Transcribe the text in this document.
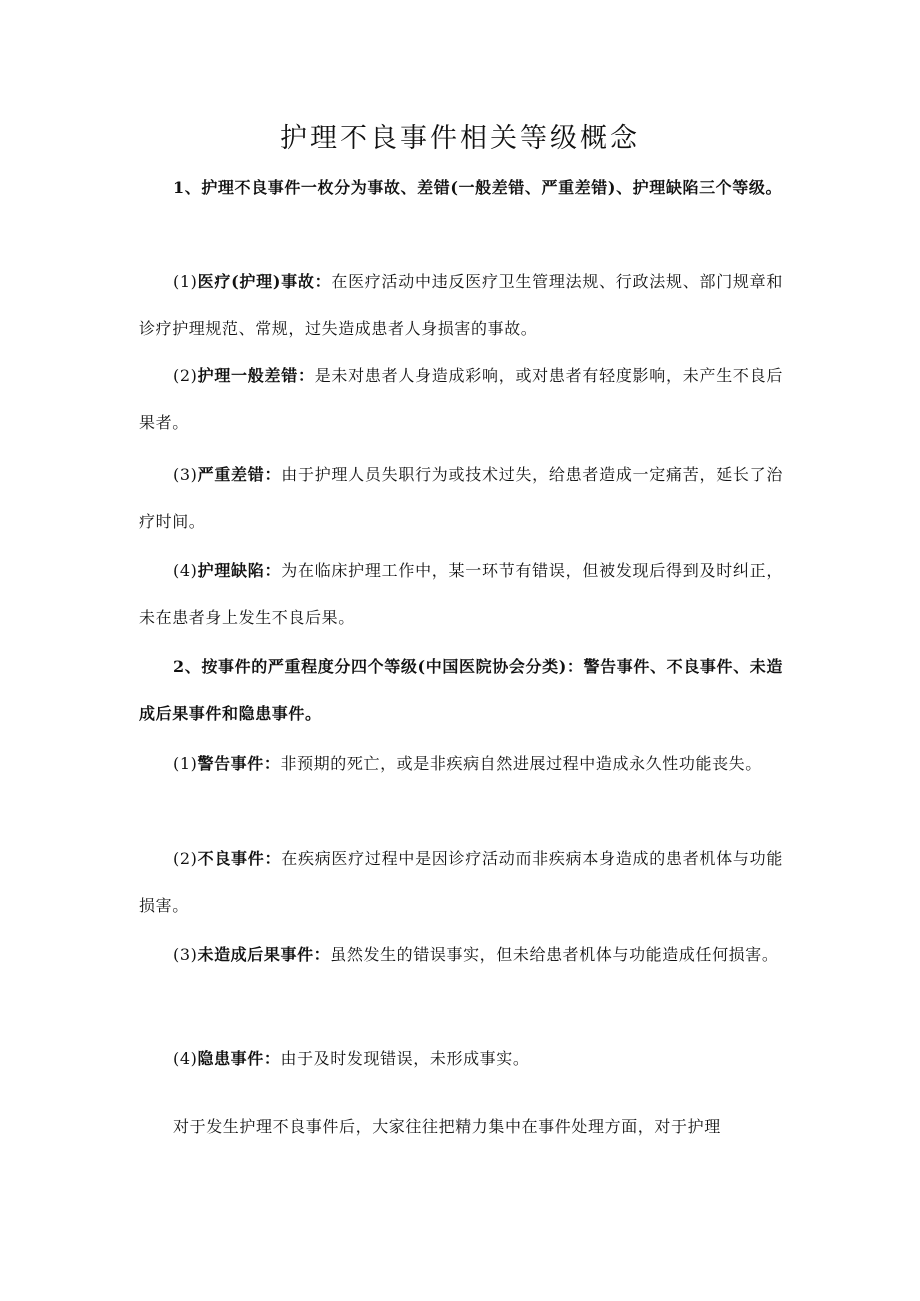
护理不良事件相关等级概念

1、护理不良事件一枚分为事故、差错(一般差错、严重差错)、护理缺陷三个等级。

(1)医疗(护理)事故：在医疗活动中违反医疗卫生管理法规、行政法规、部门规章和诊疗护理规范、常规，过失造成患者人身损害的事故。

(2)护理一般差错：是未对患者人身造成彩响，或对患者有轻度影响，未产生不良后果者。

(3)严重差错：由于护理人员失职行为或技术过失，给患者造成一定痛苦，延长了治疗时间。

(4)护理缺陷：为在临床护理工作中，某一环节有错误，但被发现后得到及时纠正，未在患者身上发生不良后果。

2、按事件的严重程度分四个等级(中国医院协会分类)：警告事件、不良事件、未造成后果事件和隐患事件。

(1)警告事件：非预期的死亡，或是非疾病自然进展过程中造成永久性功能丧失。

(2)不良事件：在疾病医疗过程中是因诊疗活动而非疾病本身造成的患者机体与功能损害。

(3)未造成后果事件：虽然发生的错误事实，但未给患者机体与功能造成任何损害。

(4)隐患事件：由于及时发现错误，未形成事实。

对于发生护理不良事件后，大家往往把精力集中在事件处理方面，对于护理
